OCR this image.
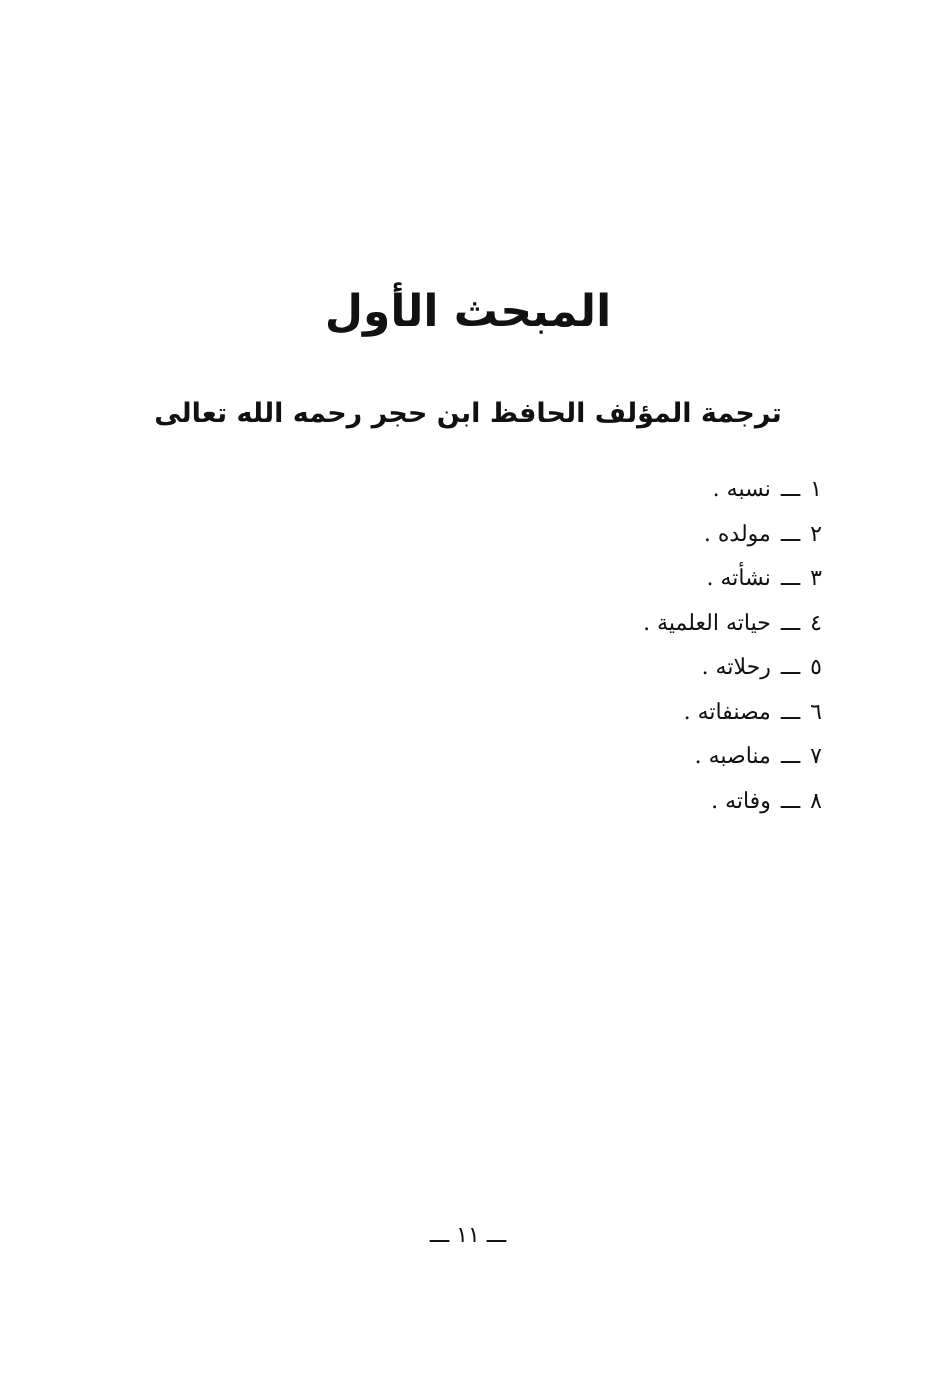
المبحث الأول
ترجمة المؤلف الحافظ ابن حجر رحمه الله تعالى
١ـــنسبه .
٢ـــمولده .
٣ـــنشأته .
٤ـــحياته العلمية .
٥ـــرحلاته .
٦ـــمصنفاته .
٧ـــمناصبه .
٨ـــوفاته .
ـــ ١١ ـــ
